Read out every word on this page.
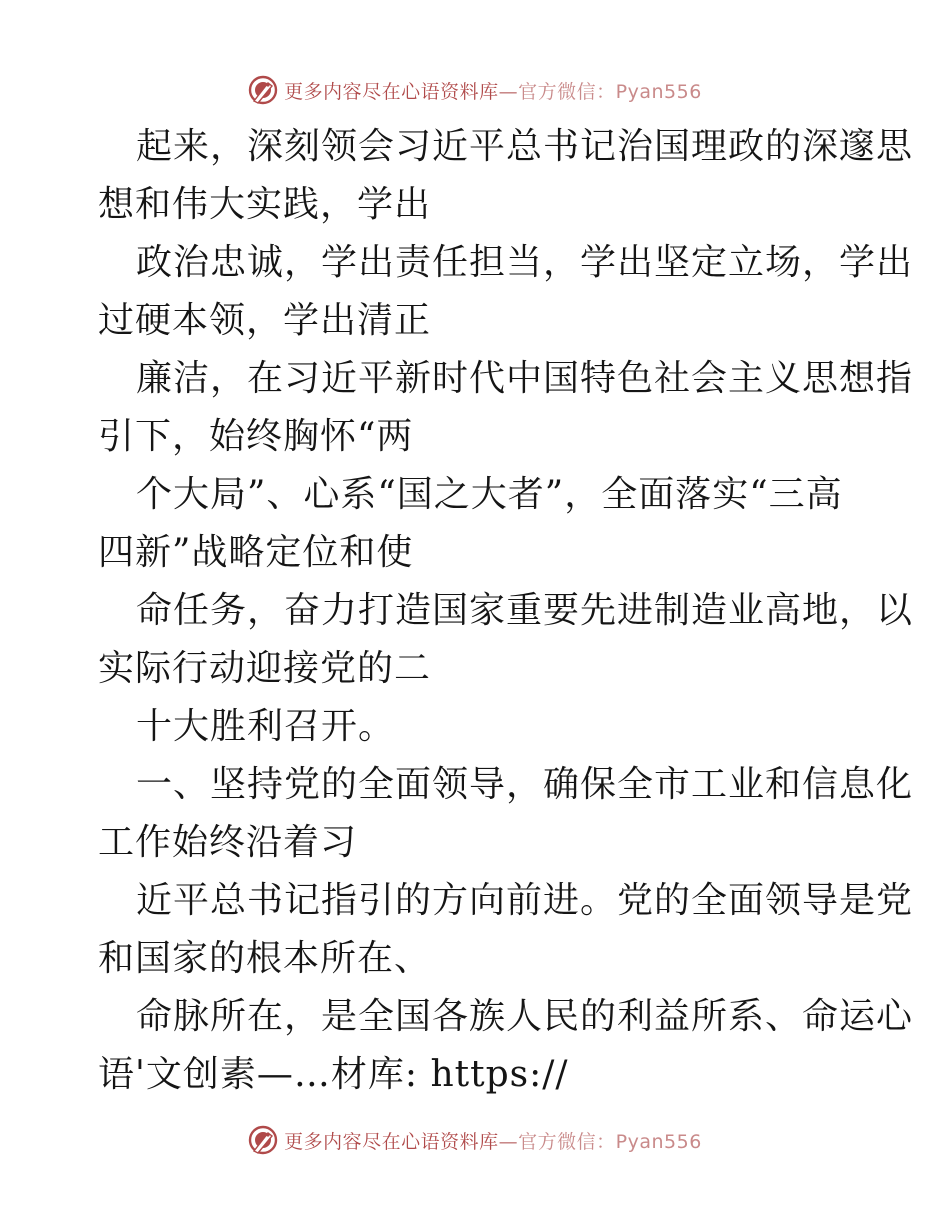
更多内容尽在心语资料库—官方微信：Pyan556
起来，深刻领会习近平总书记治国理政的深邃思
想和伟大实践，学出
政治忠诚，学出责任担当，学出坚定立场，学出
过硬本领，学出清正
廉洁，在习近平新时代中国特色社会主义思想指
引下，始终胸怀“两
个大局”、心系“国之大者”，全面落实“三高
四新”战略定位和使
命任务，奋力打造国家重要先进制造业高地，以
实际行动迎接党的二
十大胜利召开。
一、坚持党的全面领导，确保全市工业和信息化
工作始终沿着习
近平总书记指引的方向前进。党的全面领导是党
和国家的根本所在、
命脉所在，是全国各族人民的利益所系、命运心
语'文创素—…材库: https://
更多内容尽在心语资料库—官方微信：Pyan556
